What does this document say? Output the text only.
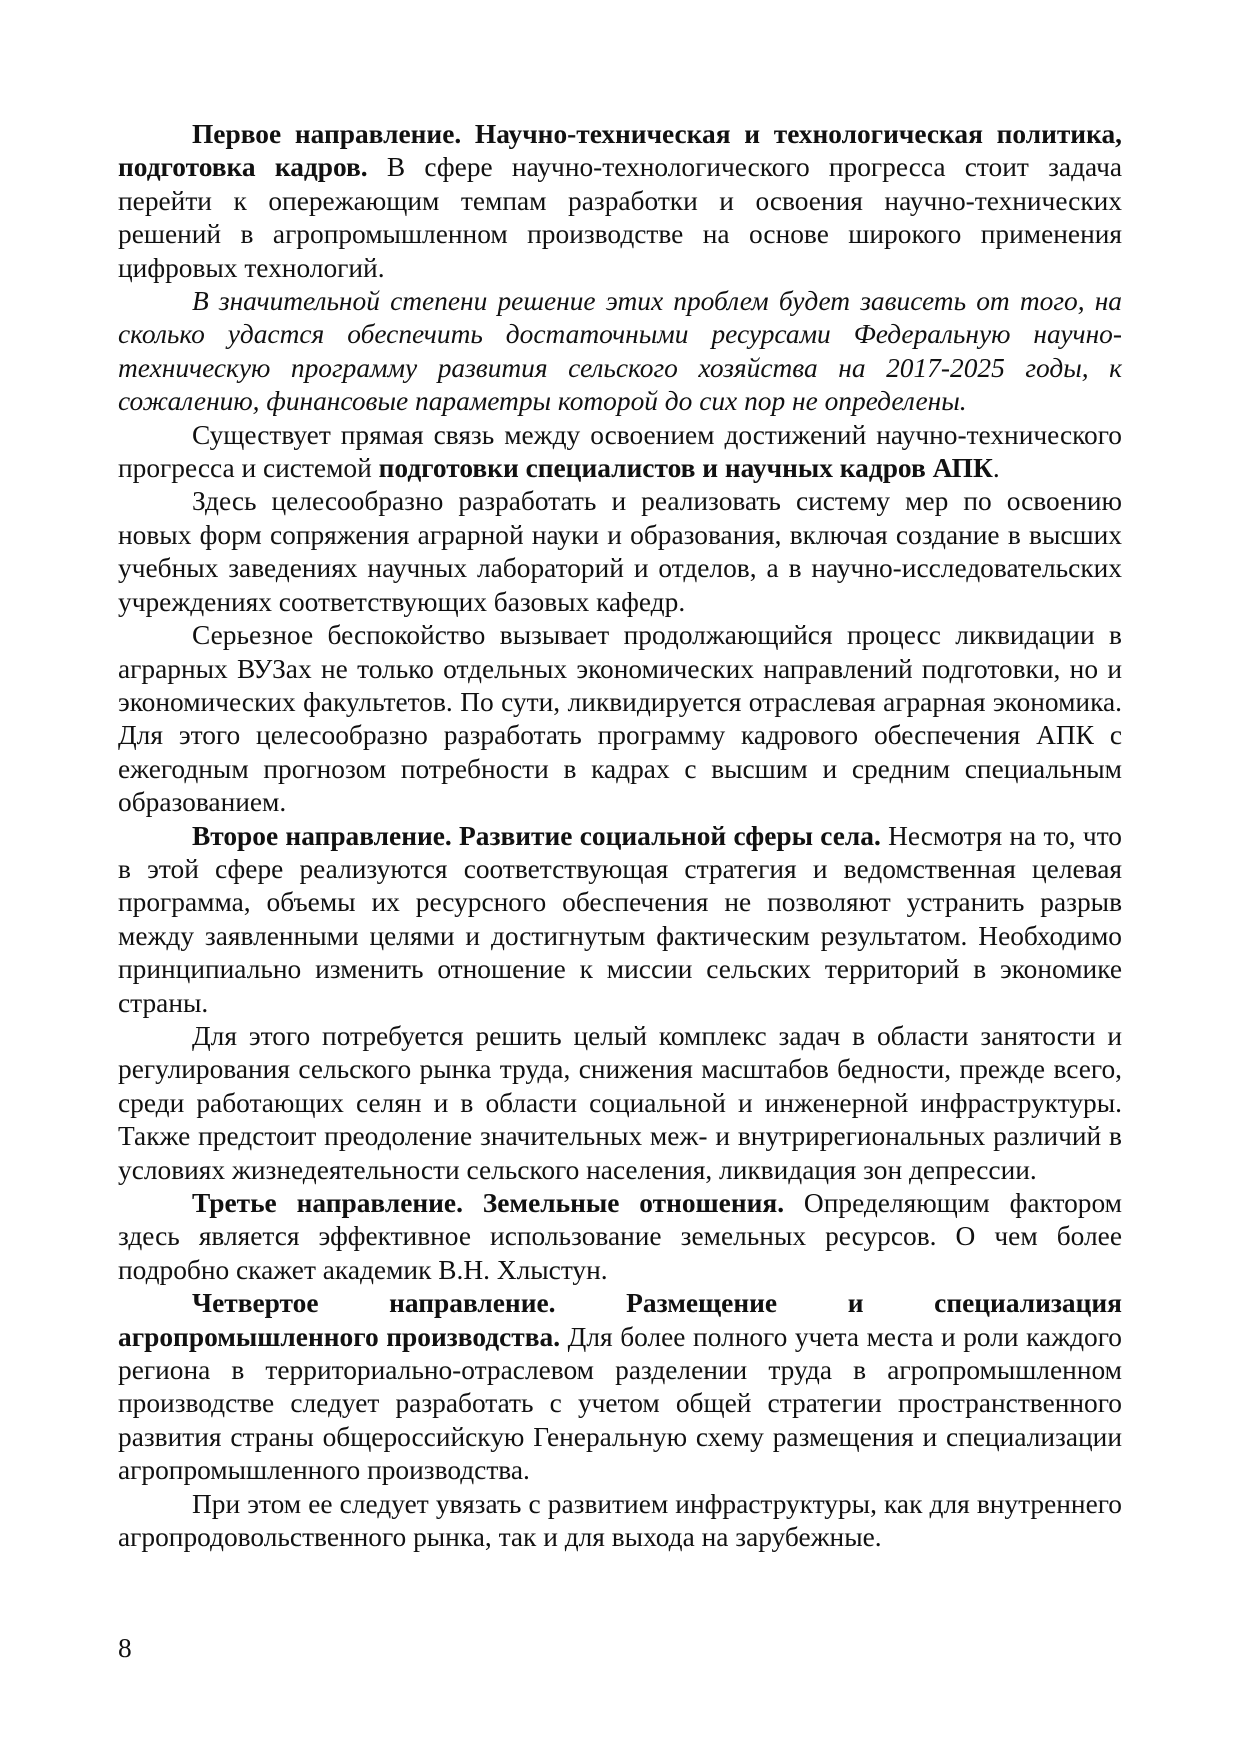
Первое направление. Научно-техническая и технологическая политика, подготовка кадров. В сфере научно-технологического прогресса стоит задача перейти к опережающим темпам разработки и освоения научно-технических решений в агропромышленном производстве на основе широкого применения цифровых технологий.

В значительной степени решение этих проблем будет зависеть от того, на сколько удастся обеспечить достаточными ресурсами Федеральную научно-техническую программу развития сельского хозяйства на 2017-2025 годы, к сожалению, финансовые параметры которой до сих пор не определены.

Существует прямая связь между освоением достижений научно-технического прогресса и системой подготовки специалистов и научных кадров АПК.

Здесь целесообразно разработать и реализовать систему мер по освоению новых форм сопряжения аграрной науки и образования, включая создание в высших учебных заведениях научных лабораторий и отделов, а в научно-исследовательских учреждениях соответствующих базовых кафедр.

Серьезное беспокойство вызывает продолжающийся процесс ликвидации в аграрных ВУЗах не только отдельных экономических направлений подготовки, но и экономических факультетов. По сути, ликвидируется отраслевая аграрная экономика. Для этого целесообразно разработать программу кадрового обеспечения АПК с ежегодным прогнозом потребности в кадрах с высшим и средним специальным образованием.

Второе направление. Развитие социальной сферы села. Несмотря на то, что в этой сфере реализуются соответствующая стратегия и ведомственная целевая программа, объемы их ресурсного обеспечения не позволяют устранить разрыв между заявленными целями и достигнутым фактическим результатом. Необходимо принципиально изменить отношение к миссии сельских территорий в экономике страны.

Для этого потребуется решить целый комплекс задач в области занятости и регулирования сельского рынка труда, снижения масштабов бедности, прежде всего, среди работающих селян и в области социальной и инженерной инфраструктуры. Также предстоит преодоление значительных меж- и внутрирегиональных различий в условиях жизнедеятельности сельского населения, ликвидация зон депрессии.

Третье направление. Земельные отношения. Определяющим фактором здесь является эффективное использование земельных ресурсов. О чем более подробно скажет академик В.Н. Хлыстун.

Четвертое направление. Размещение и специализация агропромышленного производства. Для более полного учета места и роли каждого региона в территориально-отраслевом разделении труда в агропромышленном производстве следует разработать с учетом общей стратегии пространственного развития страны общероссийскую Генеральную схему размещения и специализации агропромышленного производства.

При этом ее следует увязать с развитием инфраструктуры, как для внутреннего агропродовольственного рынка, так и для выхода на зарубежные.

8
